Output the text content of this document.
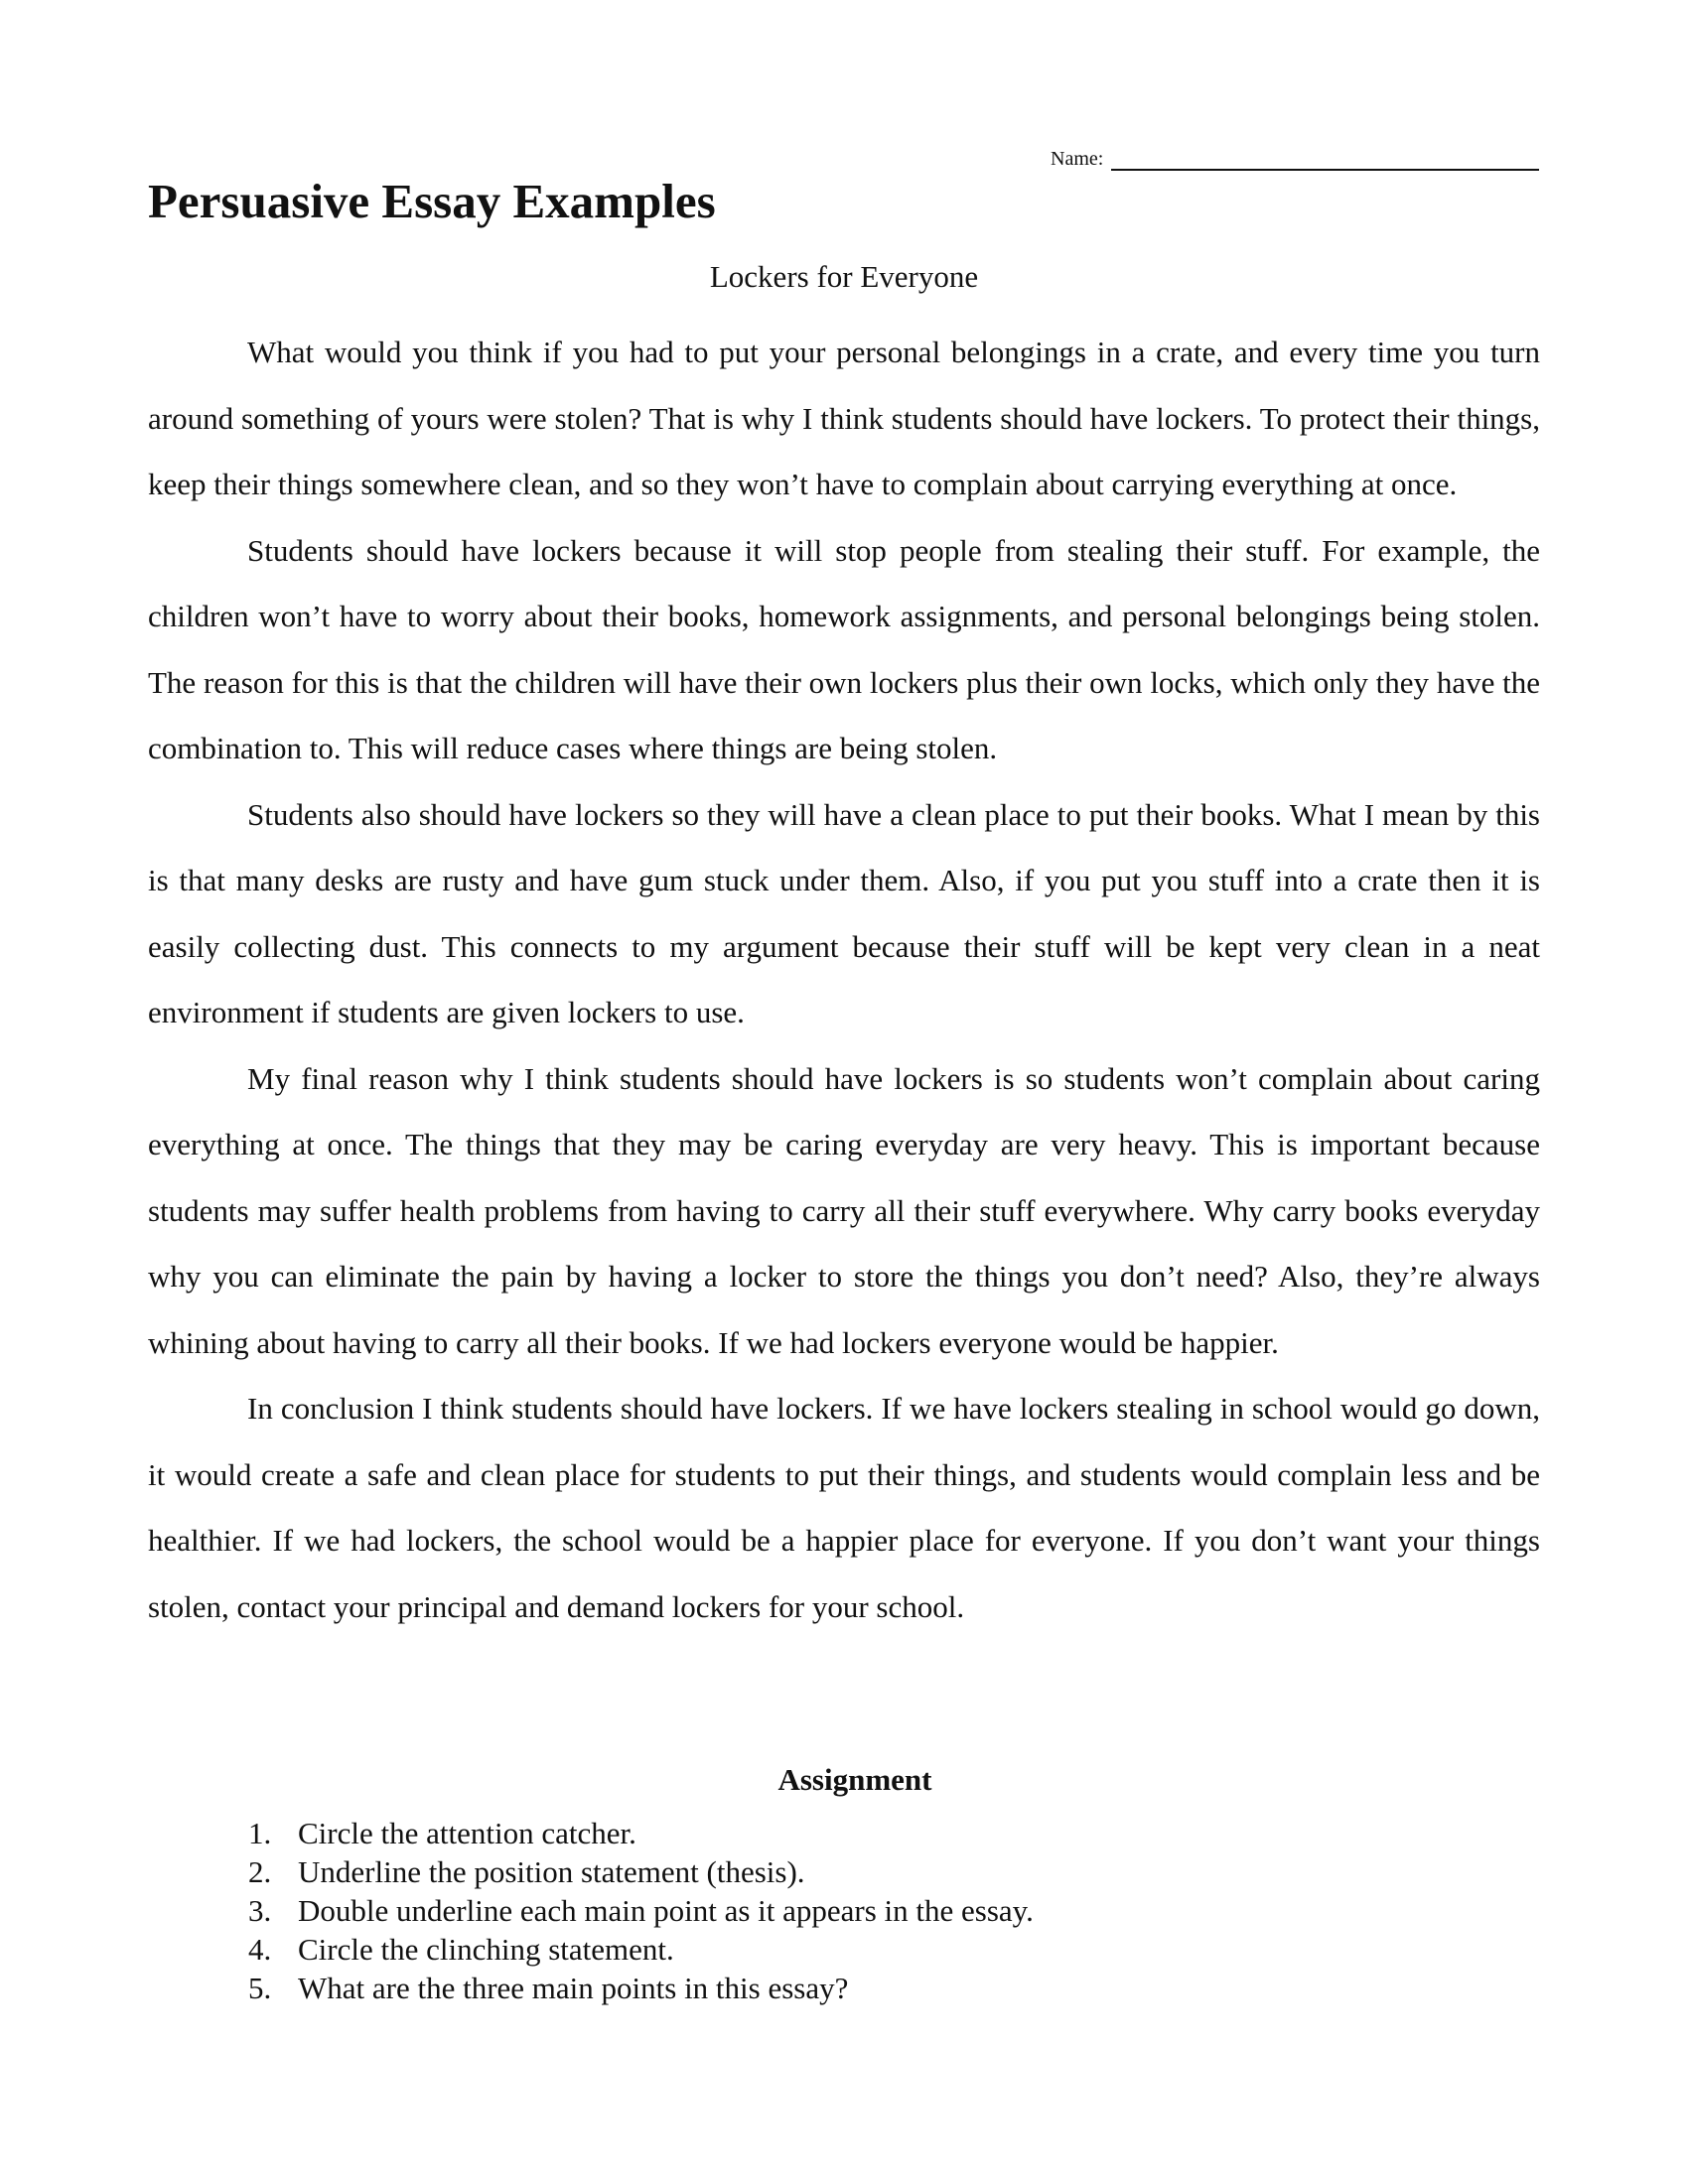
Name:
Persuasive Essay Examples
Lockers for Everyone

What would you think if you had to put your personal belongings in a crate, and every time you turn around something of yours were stolen? That is why I think students should have lockers. To protect their things, keep their things somewhere clean, and so they won’t have to complain about carrying everything at once.

Students should have lockers because it will stop people from stealing their stuff. For example, the children won’t have to worry about their books, homework assignments, and personal belongings being stolen. The reason for this is that the children will have their own lockers plus their own locks, which only they have the combination to. This will reduce cases where things are being stolen.

Students also should have lockers so they will have a clean place to put their books. What I mean by this is that many desks are rusty and have gum stuck under them. Also, if you put you stuff into a crate then it is easily collecting dust. This connects to my argument because their stuff will be kept very clean in a neat environment if students are given lockers to use.

My final reason why I think students should have lockers is so students won’t complain about caring everything at once. The things that they may be caring everyday are very heavy. This is important because students may suffer health problems from having to carry all their stuff everywhere. Why carry books everyday why you can eliminate the pain by having a locker to store the things you don’t need? Also, they’re always whining about having to carry all their books. If we had lockers everyone would be happier.

In conclusion I think students should have lockers. If we have lockers stealing in school would go down, it would create a safe and clean place for students to put their things, and students would complain less and be healthier. If we had lockers, the school would be a happier place for everyone. If you don’t want your things stolen, contact your principal and demand lockers for your school.

Assignment
1. Circle the attention catcher.
2. Underline the position statement (thesis).
3. Double underline each main point as it appears in the essay.
4. Circle the clinching statement.
5. What are the three main points in this essay?
